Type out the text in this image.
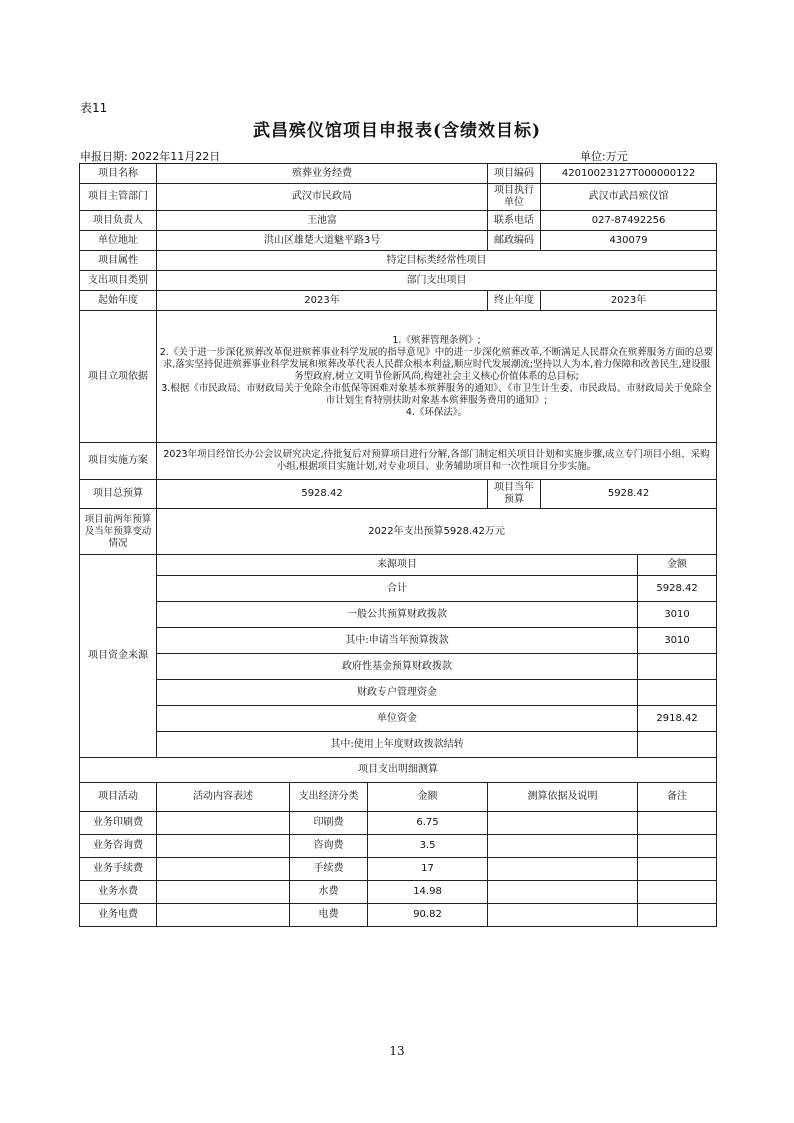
表11
武昌殡仪馆项目申报表(含绩效目标)
申报日期: 2022年11月22日	单位:万元
项目名称	殡葬业务经费			项目编码	42010023127T000000122	
项目主管部门	武汉市民政局			项目执行单位	武汉市武昌殡仪馆	
项目负责人	王池富			联系电话	027-87492256	
单位地址	洪山区雄楚大道魅平路3号			邮政编码	430079	
项目属性	特定目标类经常性项目					
支出项目类别	部门支出项目					
起始年度	2023年			终止年度	2023年	
项目立项依据	1.《殡葬管理条例》;
2.《关于进一步深化殡葬改革促进殡葬事业科学发展的指导意见》中的进一步深化殡葬改革,不断满足人民群众在殡葬服务方面的总要求,落实坚持促进殡葬事业科学发展和殡葬改革代表人民群众根本利益,顺应时代发展潮流;坚持以人为本,着力保障和改善民生,建设服务型政府,树立文明节俭新风尚,构建社会主义核心价值体系的总目标;
3.根据《市民政局、市财政局关于免除全市低保等困难对象基本殡葬服务的通知》、《市卫生计生委、市民政局、市财政局关于免除全市计划生育特别扶助对象基本殡葬服务费用的通知》;
4.《环保法》。					

项目实施方案	2023年项目经馆长办公会议研究决定,待批复后对预算项目进行分解,各部门制定相关项目计划和实施步骤,成立专门项目小组、采购小组,根据项目实施计划,对专业项目、业务辅助项目和一次性项目分步实施。					
项目总预算	5928.42			项目当年预算	5928.42	
项目前两年预算及当年预算变动情况	2022年支出预算5928.42万元					
项目资金来源	来源项目					金额
	合计					5928.42
	一般公共预算财政拨款					3010
	其中:申请当年预算拨款					3010
	政府性基金预算财政拨款					
	财政专户管理资金					
	单位资金					2918.42
	其中:使用上年度财政拨款结转					
项目支出明细测算						
项目活动	活动内容表述	支出经济分类	金额	测算依据及说明		备注
业务印刷费		印刷费	6.75			
业务咨询费		咨询费	3.5			
业务手续费		手续费	17			
业务水费		水费	14.98			
业务电费		电费	90.82			
13
